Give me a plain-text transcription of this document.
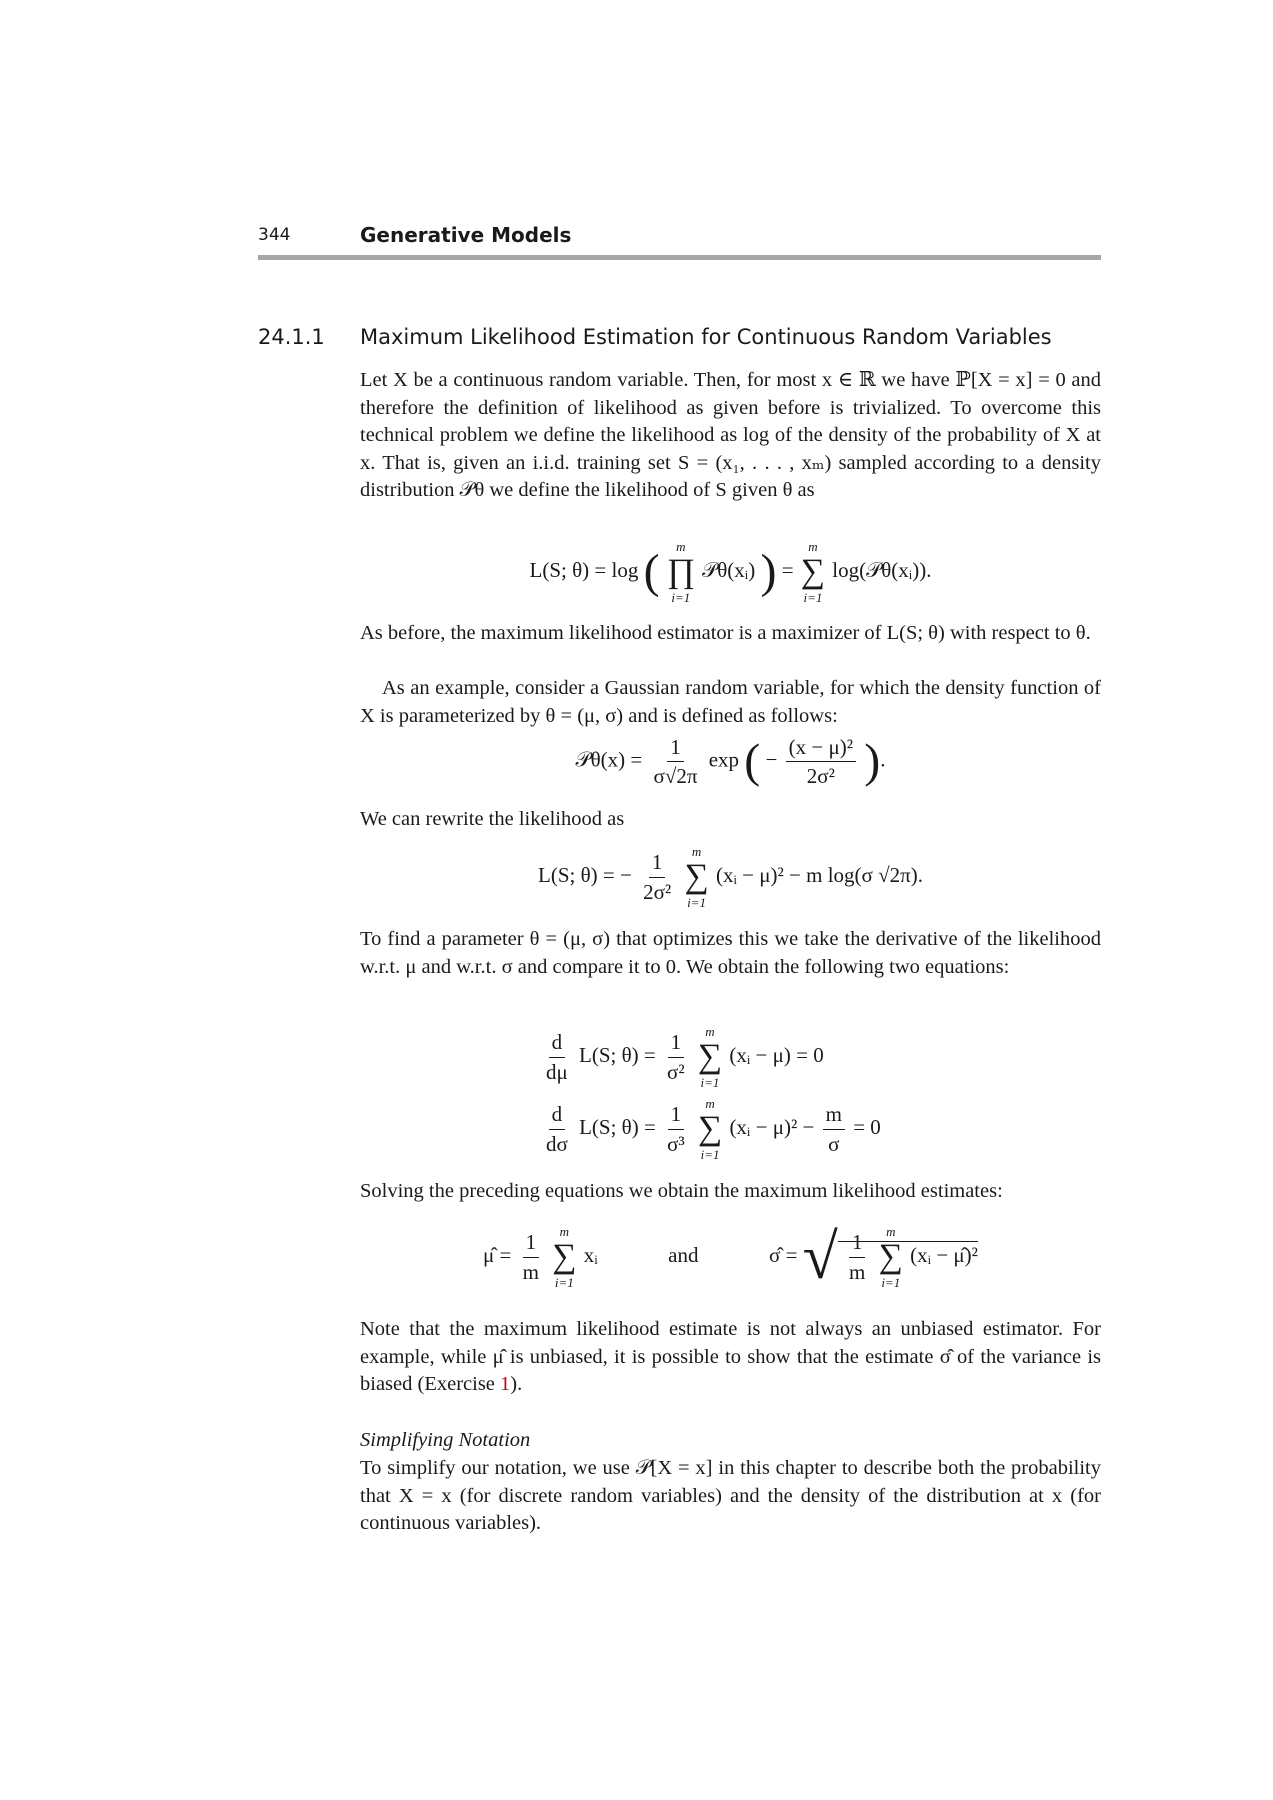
344	Generative Models
24.1.1 Maximum Likelihood Estimation for Continuous Random Variables
Let X be a continuous random variable. Then, for most x ∈ ℝ we have ℙ[X = x] = 0 and therefore the definition of likelihood as given before is trivialized. To overcome this technical problem we define the likelihood as log of the density of the probability of X at x. That is, given an i.i.d. training set S = (x₁, . . . , xₘ) sampled according to a density distribution 𝒫θ we define the likelihood of S given θ as
L(S; θ) = log ( m
∏
i=1
𝒫θ(xᵢ) ) =
m
∑
i=1
log(𝒫θ(xᵢ)).
As before, the maximum likelihood estimator is a maximizer of L(S; θ) with respect to θ.
As an example, consider a Gaussian random variable, for which the density function of X is parameterized by θ = (μ, σ) and is defined as follows:
𝒫θ(x) = $\frac{1}{\sigma√2\pi}$ exp ( − $\frac{\text{(x − μ)²}}{\text{2σ²}}$ ).
We can rewrite the likelihood as
L(S; θ) = − $\frac{1}{\text{2σ²}}$
m
∑
i=1
(xᵢ − μ)² − m log(σ √2π).
To find a parameter θ = (μ, σ) that optimizes this we take the derivative of the likelihood w.r.t. μ and w.r.t. σ and compare it to 0. We obtain the following two equations:
$\frac{d}{d\mu} L(S$; $\theta) = \frac{1}{\text{σ²}}$
m
∑
i=1
(xᵢ − μ) = 0
$\frac{d}{d\sigma} L(S$; $\theta) = \frac{1}{\text{σ³}}$
m
∑
i=1
(xᵢ − $\mu)^2 - \frac{m}{\sigma} = 0$
Solving the preceding equations we obtain the maximum likelihood estimates:
μ̂ = $\frac{1}{m}$
m
∑
i=1
xᵢ	and	σ̂ = √ $\frac{1}{m}$
m
∑
i=1
(xᵢ − μ̂)²
Note that the maximum likelihood estimate is not always an unbiased estimator. For example, while μ̂ is unbiased, it is possible to show that the estimate σ̂ of the variance is biased (Exercise 1).
Simplifying Notation
To simplify our notation, we use 𝒫[X = x] in this chapter to describe both the probability that X = x (for discrete random variables) and the density of the distribution at x (for continuous variables).
